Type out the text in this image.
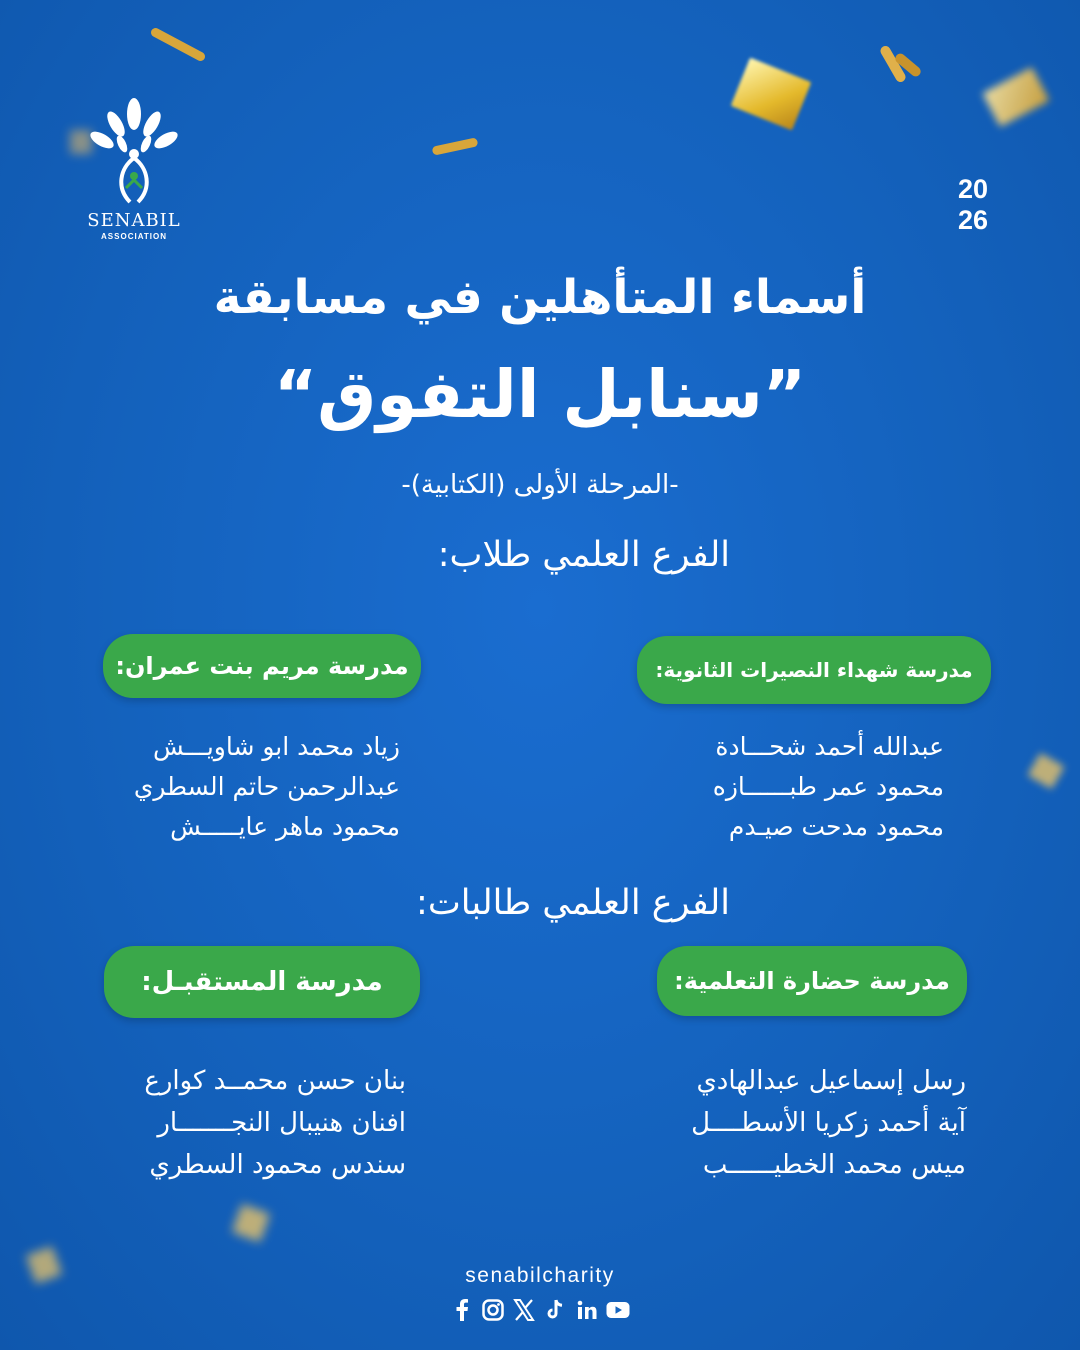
SENABIL
ASSOCIATION
20
26
أسماء المتأهلين في مسابقة
”سنابل التفوق“
-المرحلة الأولى (الكتابية)-
الفرع العلمي طلاب:
مدرسة شهداء النصيرات الثانوية:
مدرسة مريم بنت عمران:
عبدالله أحمد شحـــادة
محمود عمر طبــــــازه
محمود مدحت صيـدم
زياد محمد ابو شاويـــش
عبدالرحمن حاتم السطري
محمود ماهر عايـــــش
الفرع العلمي طالبات:
مدرسة حضارة التعلمية:
مدرسة المستقبـل:
رسل إسماعيل عبدالهادي
آية أحمد زكريا الأسطــــل
ميس محمد الخطيــــــب
بنان حسن محمــد كوارع
افنان هنيبال النجـــــــار
سندس محمود السطري
senabilcharity
